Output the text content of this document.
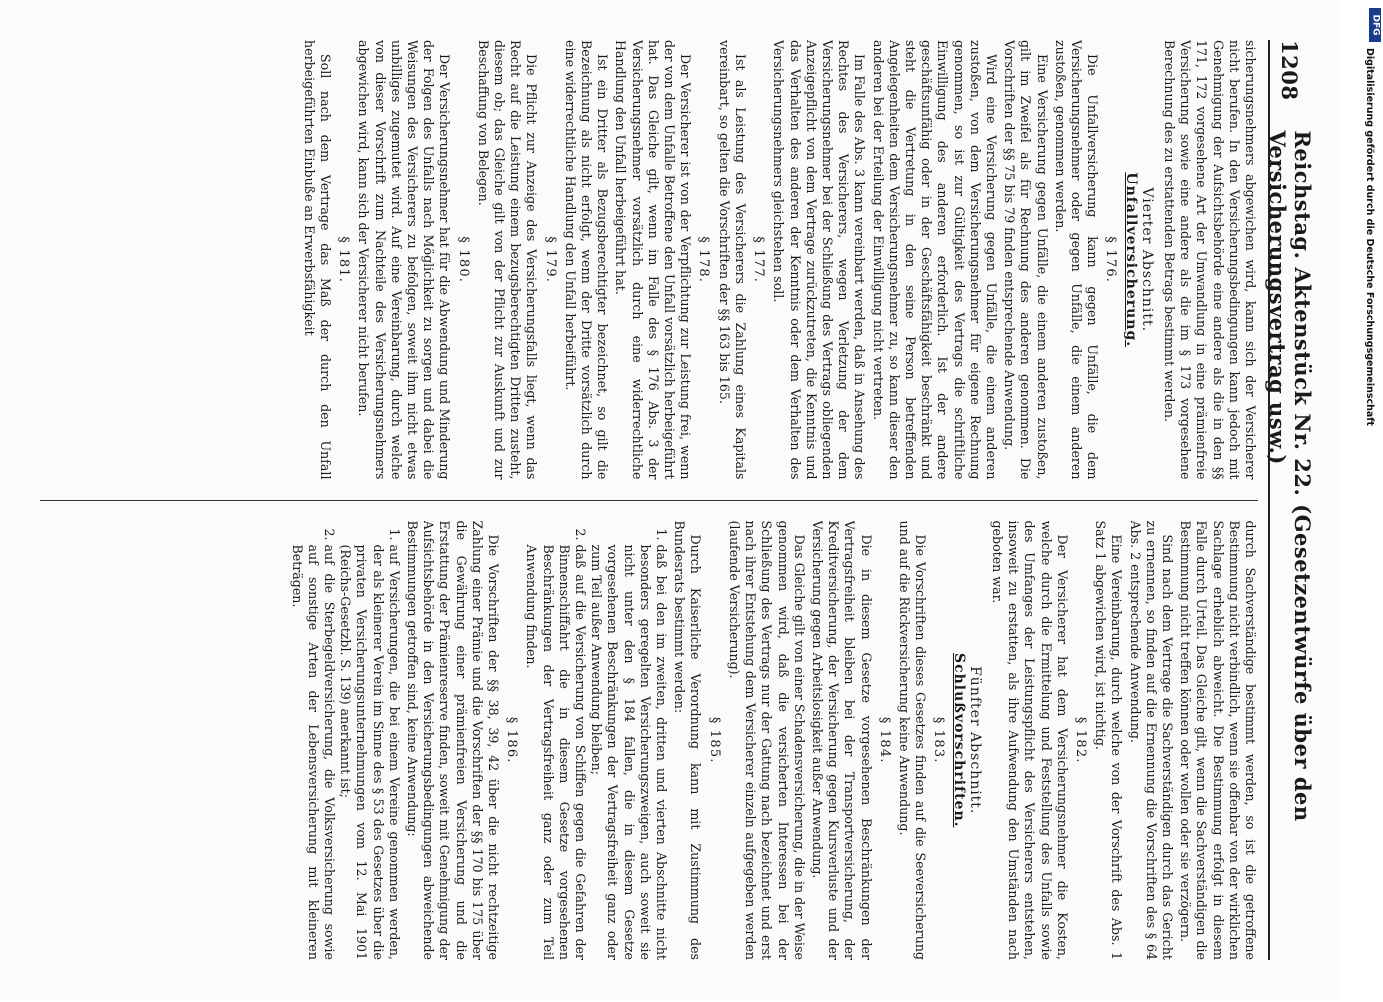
1208
Reichstag. Aktenstück Nr. 22. (Gesetzentwürfe über den Versicherungsvertrag usw.)

sicherungsnehmers abgewichen wird, kann sich der Versicherer nicht berufen. In den Versicherungsbedingungen kann jedoch mit Genehmigung der Aufsichtsbehörde eine andere als die in den §§ 171, 172 vorgesehene Art der Umwandlung in eine prämienfreie Versicherung sowie eine andere als die im § 173 vorgesehene Berechnung des zu erstattenden Betrags bestimmt werden.

Vierter Abschnitt.
Unfallversicherung.
§ 176.

Die Unfallversicherung kann gegen Unfälle, die dem Versicherungsnehmer oder gegen Unfälle, die einem anderen zustoßen, genommen werden.

Eine Versicherung gegen Unfälle, die einem anderen zustoßen, gilt im Zweifel als für Rechnung des anderen genommen. Die Vorschriften der §§ 75 bis 79 finden entsprechende Anwendung.

Wird eine Versicherung gegen Unfälle, die einem anderen zustoßen, von dem Versicherungsnehmer für eigene Rechnung genommen, so ist zur Gültigkeit des Vertrags die schriftliche Einwilligung des anderen erforderlich. Ist der andere geschäftsunfähig oder in der Geschäftsfähigkeit beschränkt und steht die Vertretung in den seine Person betreffenden Angelegenheiten dem Versicherungsnehmer zu, so kann dieser den anderen bei der Erteilung der Einwilligung nicht vertreten.

Im Falle des Abs. 3 kann vereinbart werden, daß in Ansehung des Rechtes des Versicherers, wegen Verletzung der dem Versicherungsnehmer bei der Schließung des Vertrags obliegenden Anzeigepflicht von dem Vertrage zurückzutreten, die Kenntnis und das Verhalten des anderen der Kenntnis oder dem Verhalten des Versicherungsnehmers gleichstehen soll.

§ 177.

Ist als Leistung des Versicherers die Zahlung eines Kapitals vereinbart, so gelten die Vorschriften der §§ 163 bis 165.

§ 178.

Der Versicherer ist von der Verpflichtung zur Leistung frei, wenn der von dem Unfalle Betroffene den Unfall vorsätzlich herbeigeführt hat. Das Gleiche gilt, wenn im Falle des § 176 Abs. 3 der Versicherungsnehmer vorsätzlich durch eine widerrechtliche Handlung den Unfall herbeigeführt hat.

Ist ein Dritter als Bezugsberechtigter bezeichnet, so gilt die Bezeichnung als nicht erfolgt, wenn der Dritte vorsätzlich durch eine widerrechtliche Handlung den Unfall herbeiführt.

§ 179.

Die Pflicht zur Anzeige des Versicherungsfalls liegt, wenn das Recht auf die Leistung einem bezugsberechtigten Dritten zusteht, diesem ob; das Gleiche gilt von der Pflicht zur Auskunft und zur Beschaffung von Belegen.

§ 180.

Der Versicherungsnehmer hat für die Abwendung und Minderung der Folgen des Unfalls nach Möglichkeit zu sorgen und dabei die Weisungen des Versicherers zu befolgen, soweit ihm nicht etwas unbilliges zugemutet wird. Auf eine Vereinbarung, durch welche von dieser Vorschrift zum Nachteile des Versicherungsnehmers abgewichen wird, kann sich der Versicherer nicht berufen.

§ 181.

Soll nach dem Vertrage das Maß der durch den Unfall herbeigeführten Einbuße an Erwerbsfähigkeit

durch Sachverständige bestimmt werden, so ist die getroffene Bestimmung nicht verbindlich, wenn sie offenbar von der wirklichen Sachlage erheblich abweicht. Die Bestimmung erfolgt in diesem Falle durch Urteil. Das Gleiche gilt, wenn die Sachverständigen die Bestimmung nicht treffen können oder wollen oder sie verzögern.

Sind nach dem Vertrage die Sachverständigen durch das Gericht zu ernennen, so finden auf die Ernennung die Vorschriften des § 64 Abs. 2 entsprechende Anwendung.

Eine Vereinbarung, durch welche von der Vorschrift des Abs. 1 Satz 1 abgewichen wird, ist nichtig.

§ 182.

Der Versicherer hat dem Versicherungsnehmer die Kosten, welche durch die Ermittelung und Feststellung des Unfalls sowie des Umfanges der Leistungspflicht des Versicherers entstehen, insoweit zu erstatten, als ihre Aufwendung den Umständen nach geboten war.

Fünfter Abschnitt.
Schlußvorschriften.
§ 183.

Die Vorschriften dieses Gesetzes finden auf die Seeversicherung und auf die Rückversicherung keine Anwendung.

§ 184.

Die in diesem Gesetze vorgesehenen Beschränkungen der Vertragsfreiheit bleiben bei der Transportversicherung, der Kreditversicherung, der Versicherung gegen Kursverluste und der Versicherung gegen Arbeitslosigkeit außer Anwendung.

Das Gleiche gilt von einer Schadensversicherung, die in der Weise genommen wird, daß die versicherten Interessen bei der Schließung des Vertrags nur der Gattung nach bezeichnet und erst nach ihrer Entstehung dem Versicherer einzeln aufgegeben werden (laufende Versicherung).

§ 185.

Durch Kaiserliche Verordnung kann mit Zustimmung des Bundesrats bestimmt werden:

1. daß bei den im zweiten, dritten und vierten Abschnitte nicht besonders geregelten Versicherungszweigen, auch soweit sie nicht unter den § 184 fallen, die in diesem Gesetze vorgesehenen Beschränkungen der Vertragsfreiheit ganz oder zum Teil außer Anwendung bleiben;
2. daß auf die Versicherung von Schiffen gegen die Gefahren der Binnenschiffahrt die in diesem Gesetze vorgesehenen Beschränkungen der Vertragsfreiheit ganz oder zum Teil Anwendung finden.
§ 186.

Die Vorschriften der §§ 38, 39, 42 über die nicht rechtzeitige Zahlung einer Prämie und die Vorschriften der §§ 170 bis 175 über die Gewährung einer prämienfreien Versicherung und die Erstattung der Prämienreserve finden, soweit mit Genehmigung der Aufsichtsbehörde in den Versicherungsbedingungen abweichende Bestimmungen getroffen sind, keine Anwendung:

1. auf Versicherungen, die bei einem Vereine genommen werden, der als kleinerer Verein im Sinne des § 53 des Gesetzes über die privaten Versicherungsunternehmungen vom 12. Mai 1901 (Reichs-Gesetzbl. S. 139) anerkannt ist;
2. auf die Sterbegeldversicherung, die Volksversicherung sowie auf sonstige Arten der Lebensversicherung mit kleineren Beträgen.
DFG
Digitalisierung gefördert durch die Deutsche Forschungsgemeinschaft
